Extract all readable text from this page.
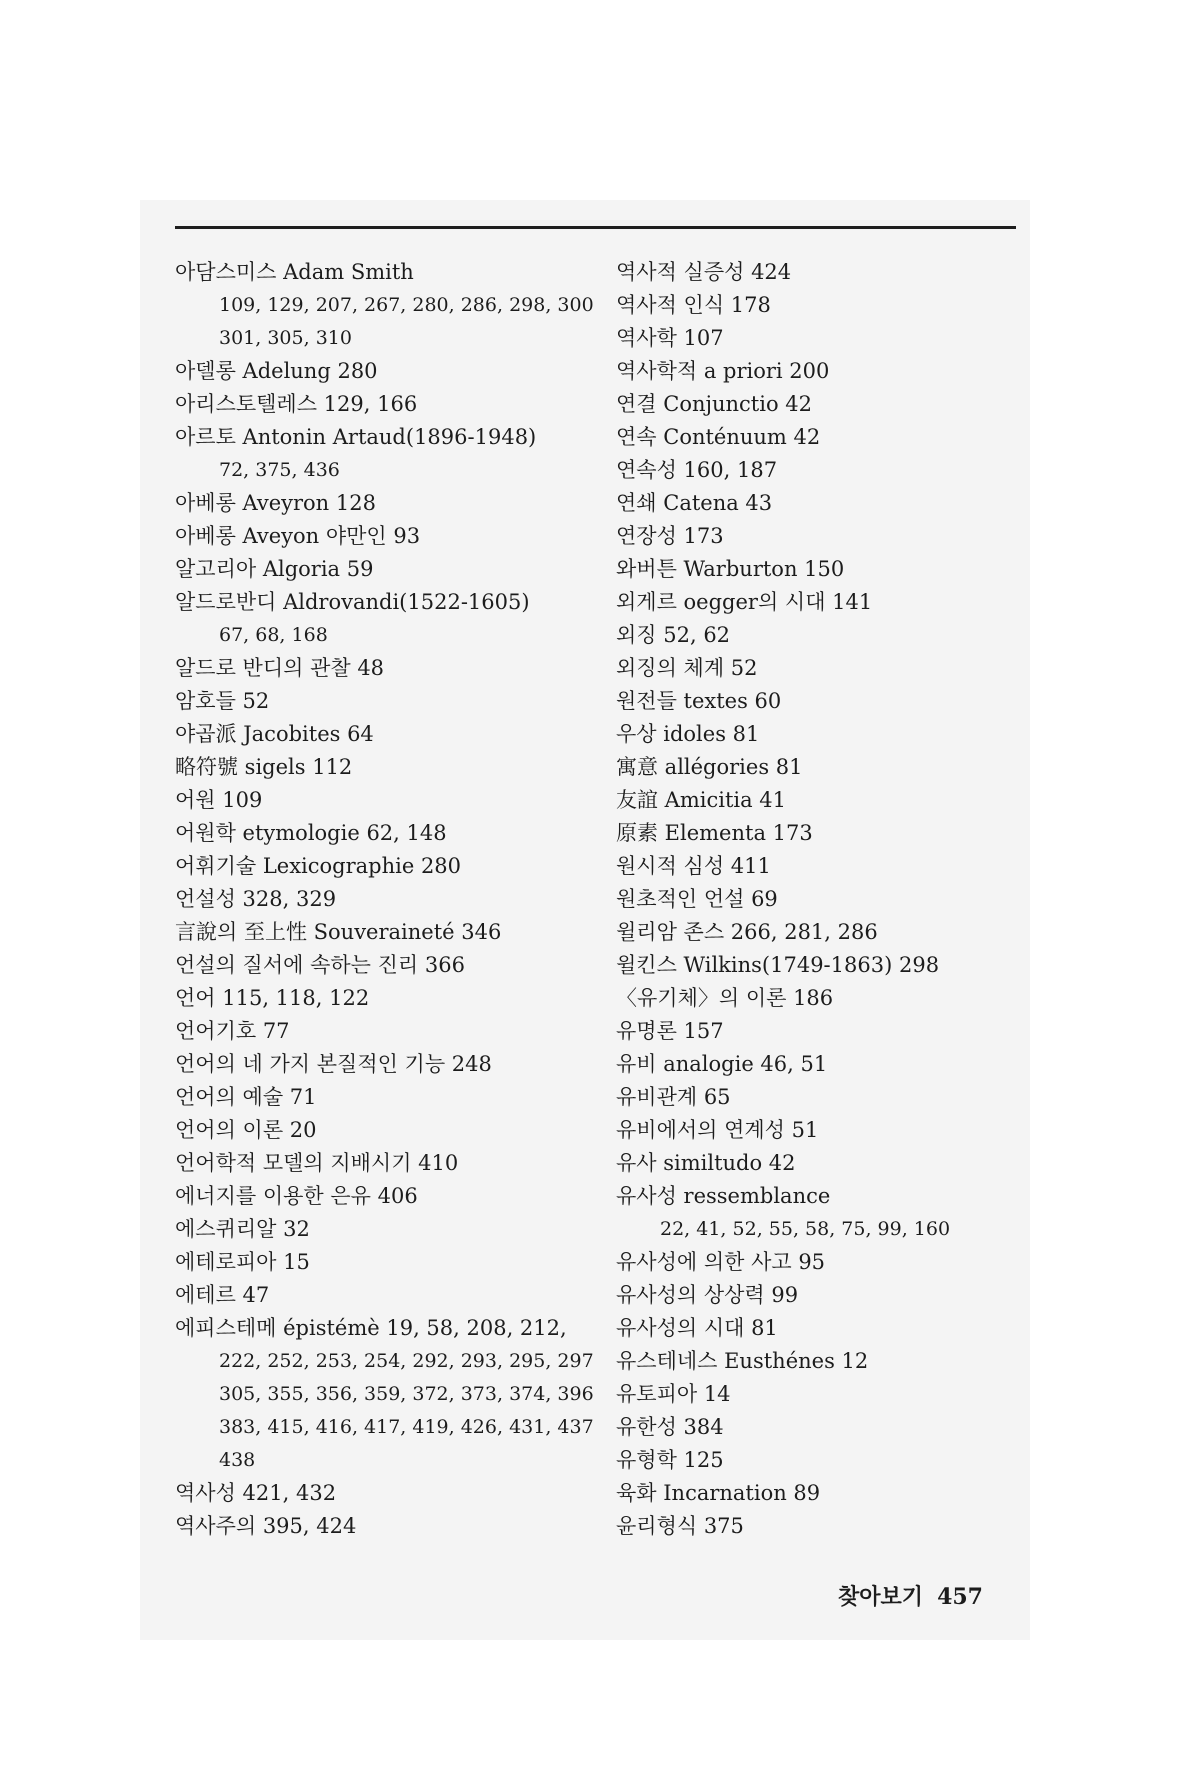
아담스미스 Adam Smith
109, 129, 207, 267, 280, 286, 298, 300
301, 305, 310
아델롱 Adelung 280
아리스토텔레스 129, 166
아르토 Antonin Artaud(1896-1948)
72, 375, 436
아베롱 Aveyron 128
아베롱 Aveyon 야만인 93
알고리아 Algoria 59
알드로반디 Aldrovandi(1522-1605)
67, 68, 168
알드로 반디의 관찰 48
암호들 52
야곱派 Jacobites 64
略符號 sigels 112
어원 109
어원학 etymologie 62, 148
어휘기술 Lexicographie 280
언설성 328, 329
言說의 至上性 Souveraineté 346
언설의 질서에 속하는 진리 366
언어 115, 118, 122
언어기호 77
언어의 네 가지 본질적인 기능 248
언어의 예술 71
언어의 이론 20
언어학적 모델의 지배시기 410
에너지를 이용한 은유 406
에스퀴리알 32
에테로피아 15
에테르 47
에피스테메 épistémè 19, 58, 208, 212,
222, 252, 253, 254, 292, 293, 295, 297
305, 355, 356, 359, 372, 373, 374, 396
383, 415, 416, 417, 419, 426, 431, 437
438
역사성 421, 432
역사주의 395, 424
역사적 실증성 424
역사적 인식 178
역사학 107
역사학적 a priori 200
연결 Conjunctio 42
연속 Conténuum 42
연속성 160, 187
연쇄 Catena 43
연장성 173
와버튼 Warburton 150
외게르 oegger의 시대 141
외징 52, 62
외징의 체계 52
원전들 textes 60
우상 idoles 81
寓意 allégories 81
友誼 Amicitia 41
原素 Elementa 173
원시적 심성 411
원초적인 언설 69
윌리암 존스 266, 281, 286
윌킨스 Wilkins(1749-1863) 298
〈유기체〉의 이론 186
유명론 157
유비 analogie 46, 51
유비관계 65
유비에서의 연계성 51
유사 similtudo 42
유사성 ressemblance
22, 41, 52, 55, 58, 75, 99, 160
유사성에 의한 사고 95
유사성의 상상력 99
유사성의 시대 81
유스테네스 Eusthénes 12
유토피아 14
유한성 384
유형학 125
육화 Incarnation 89
윤리형식 375
찾아보기 457
